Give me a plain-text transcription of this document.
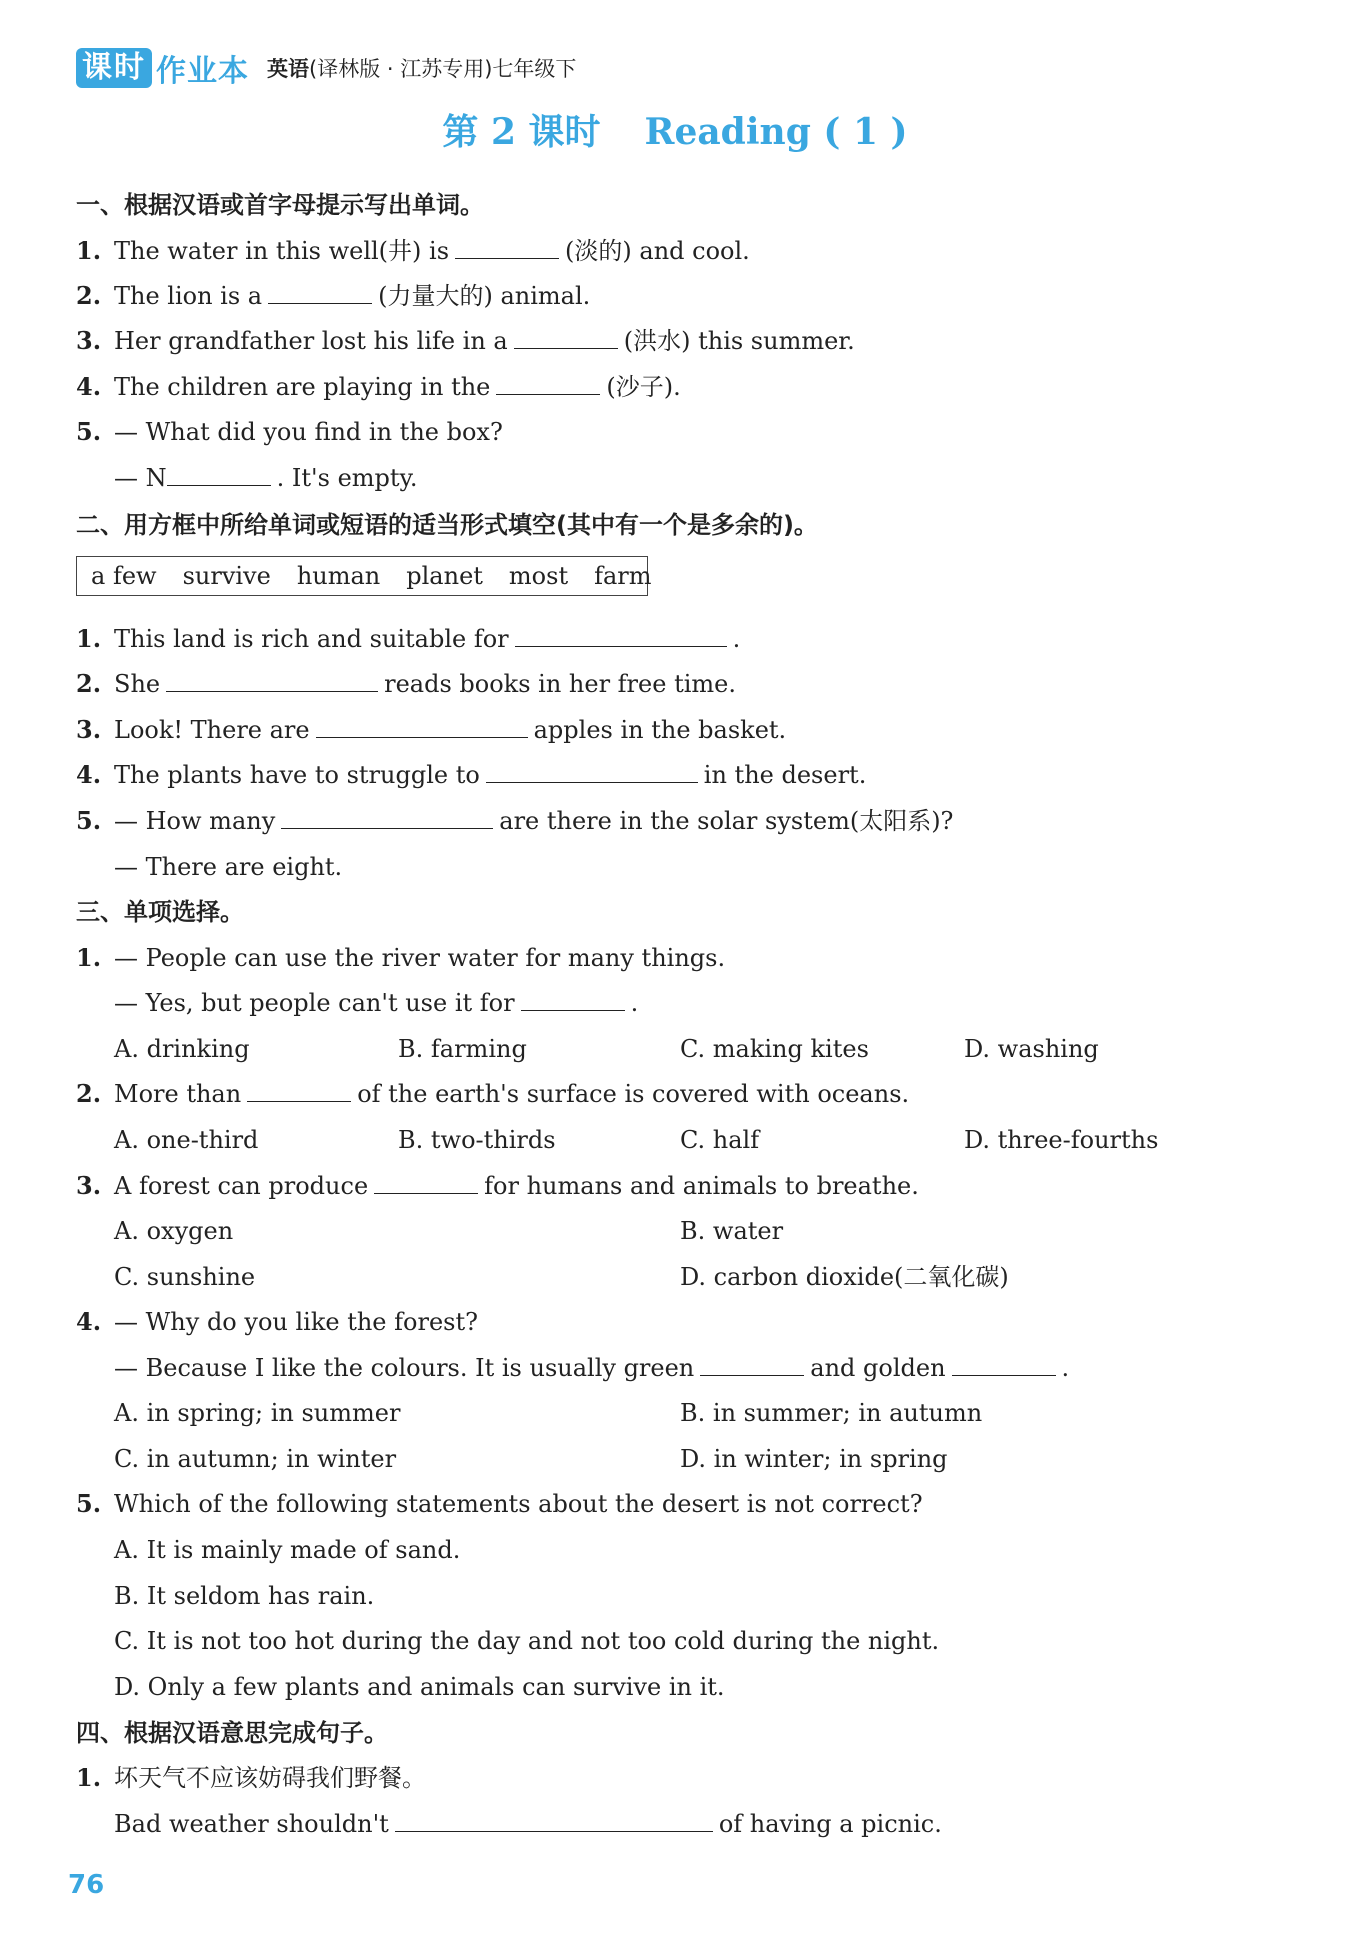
课时 作业本 英语(译林版 · 江苏专用)七年级下
第 2 课时 Reading ( 1 )
一、根据汉语或首字母提示写出单词。
1. The water in this well(井) is	(淡的) and cool.
2. The lion is a	(力量大的) animal.
3. Her grandfather lost his life in a	(洪水) this summer.
4. The children are playing in the	(沙子).
5. — What did you find in the box?
— N	. It's empty.
二、用方框中所给单词或短语的适当形式填空(其中有一个是多余的)。
a few survive human planet most farm
1. This land is rich and suitable for	.
2. She	reads books in her free time.
3. Look! There are	apples in the basket.
4. The plants have to struggle to	in the desert.
5. — How many	are there in the solar system(太阳系)?
— There are eight.
三、单项选择。
1. — People can use the river water for many things.
— Yes, but people can't use it for	.
A. drinking	B. farming	C. making kites	D. washing
2. More than	of the earth's surface is covered with oceans.
A. one-third	B. two-thirds	C. half	D. three-fourths
3. A forest can produce	for humans and animals to breathe.
A. oxygen	B. water
C. sunshine	D. carbon dioxide(二氧化碳)
4. — Why do you like the forest?
— Because I like the colours. It is usually green	and golden	.
A. in spring; in summer	B. in summer; in autumn
C. in autumn; in winter	D. in winter; in spring
5. Which of the following statements about the desert is not correct?
A. It is mainly made of sand.
B. It seldom has rain.
C. It is not too hot during the day and not too cold during the night.
D. Only a few plants and animals can survive in it.
四、根据汉语意思完成句子。
1. 坏天气不应该妨碍我们野餐。
Bad weather shouldn't	of having a picnic.
76
